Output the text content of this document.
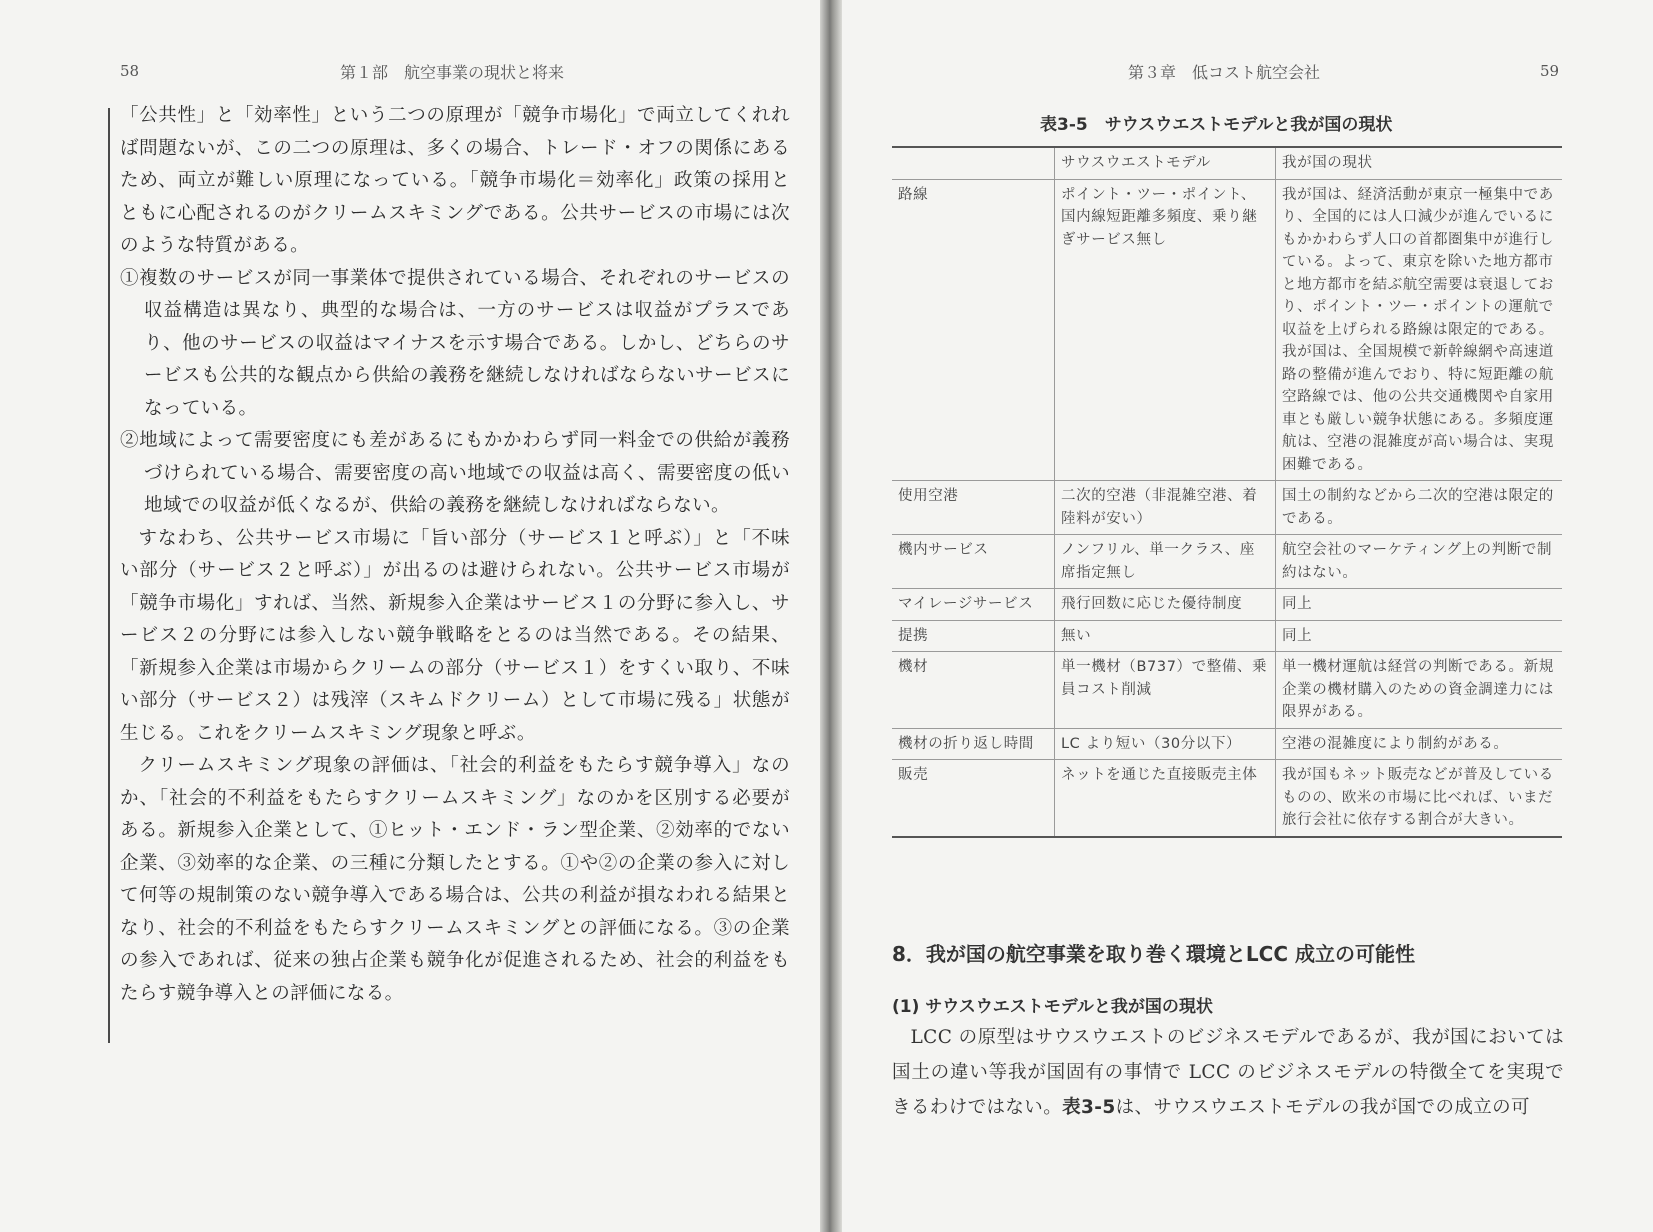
58	第１部　航空事業の現状と将来

「公共性」と「効率性」という二つの原理が「競争市場化」で両立してくれれば問題ないが、この二つの原理は、多くの場合、トレード・オフの関係にあるため、両立が難しい原理になっている。「競争市場化＝効率化」政策の採用とともに心配されるのがクリームスキミングである。公共サービスの市場には次のような特質がある。

①複数のサービスが同一事業体で提供されている場合、それぞれのサービスの収益構造は異なり、典型的な場合は、一方のサービスは収益がプラスであり、他のサービスの収益はマイナスを示す場合である。しかし、どちらのサービスも公共的な観点から供給の義務を継続しなければならないサービスになっている。

②地域によって需要密度にも差があるにもかかわらず同一料金での供給が義務づけられている場合、需要密度の高い地域での収益は高く、需要密度の低い地域での収益が低くなるが、供給の義務を継続しなければならない。

すなわち、公共サービス市場に「旨い部分（サービス１と呼ぶ）」と「不味い部分（サービス２と呼ぶ）」が出るのは避けられない。公共サービス市場が「競争市場化」すれば、当然、新規参入企業はサービス１の分野に参入し、サービス２の分野には参入しない競争戦略をとるのは当然である。その結果、「新規参入企業は市場からクリームの部分（サービス１）をすくい取り、不味い部分（サービス２）は残滓（スキムドクリーム）として市場に残る」状態が生じる。これをクリームスキミング現象と呼ぶ。

クリームスキミング現象の評価は、「社会的利益をもたらす競争導入」なのか、「社会的不利益をもたらすクリームスキミング」なのかを区別する必要がある。新規参入企業として、①ヒット・エンド・ラン型企業、②効率的でない企業、③効率的な企業、の三種に分類したとする。①や②の企業の参入に対して何等の規制策のない競争導入である場合は、公共の利益が損なわれる結果となり、社会的不利益をもたらすクリームスキミングとの評価になる。③の企業の参入であれば、従来の独占企業も競争化が促進されるため、社会的利益をもたらす競争導入との評価になる。

第３章　低コスト航空会社	59
表3-5　サウスウエストモデルと我が国の現状
	サウスウエストモデル	我が国の現状
路線	ポイント・ツー・ポイント、国内線短距離多頻度、乗り継ぎサービス無し	我が国は、経済活動が東京一極集中であり、全国的には人口減少が進んでいるにもかかわらず人口の首都圏集中が進行している。よって、東京を除いた地方都市と地方都市を結ぶ航空需要は衰退しており、ポイント・ツー・ポイントの運航で収益を上げられる路線は限定的である。我が国は、全国規模で新幹線網や高速道路の整備が進んでおり、特に短距離の航空路線では、他の公共交通機関や自家用車とも厳しい競争状態にある。多頻度運航は、空港の混雑度が高い場合は、実現困難である。
使用空港	二次的空港（非混雑空港、着陸料が安い）	国土の制約などから二次的空港は限定的である。
機内サービス	ノンフリル、単一クラス、座席指定無し	航空会社のマーケティング上の判断で制約はない。
マイレージサービス	飛行回数に応じた優待制度	同上
提携	無い	同上
機材	単一機材（B737）で整備、乗員コスト削減	単一機材運航は経営の判断である。新規企業の機材購入のための資金調達力には限界がある。
機材の折り返し時間	LC より短い（30分以下）	空港の混雑度により制約がある。
販売	ネットを通じた直接販売主体	我が国もネット販売などが普及しているものの、欧米の市場に比べれば、いまだ旅行会社に依存する割合が大きい。
8．我が国の航空事業を取り巻く環境とLCC 成立の可能性
(1) サウスウエストモデルと我が国の現状

LCC の原型はサウスウエストのビジネスモデルであるが、我が国においては国土の違い等我が国固有の事情で LCC のビジネスモデルの特徴全てを実現できるわけではない。表3-5は、サウスウエストモデルの我が国での成立の可
